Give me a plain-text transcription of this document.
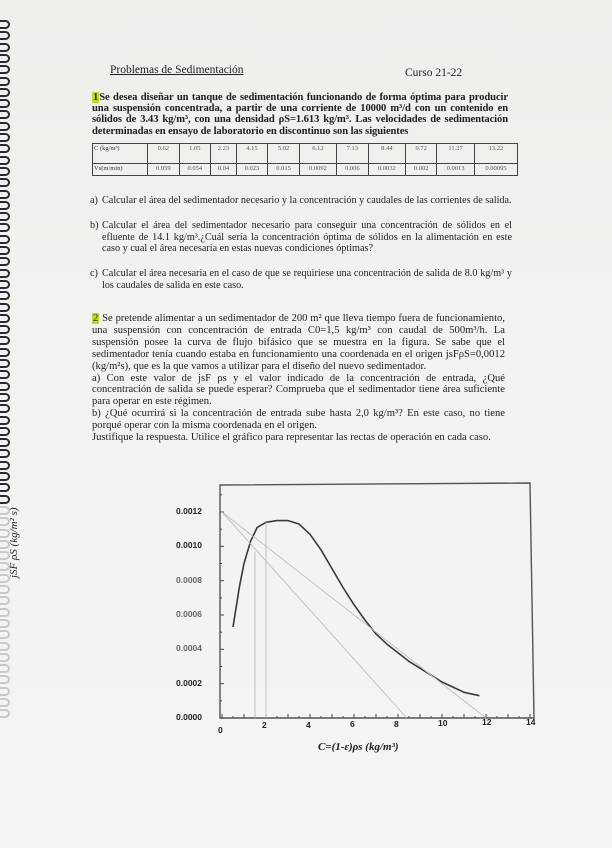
Problemas de Sedimentación	Curso 21-22
1Se desea diseñar un tanque de sedimentación funcionando de forma óptima para producir una suspensión concentrada, a partir de una corriente de 10000 m³/d con un contenido en sólidos de 3.43 kg/m³, con una densidad ρS=1.613 kg/m³. Las velocidades de sedimentación determinadas en ensayo de laboratorio en discontinuo son las siguientes
C (kg/m³)	0.62	1.05	2.23	4.15	5.02	6.12	7.13	8.44	9.72	11.27	13.22
Vs(m/min)	0.059	0.054	0.04	0.023	0.015	0.0092	0.006	0.0032	0.002	0.0013	0.00095
a) Calcular el área del sedimentador necesario y la concentración y caudales de las corrientes de salida.
b) Calcular el área del sedimentador necesario para conseguir una concentración de sólidos en el efluente de 14.1 kg/m³.¿Cuál sería la concentración óptima de sólidos en la alimentación en este caso y cual el área necesaria en estas nuevas condiciones óptimas?
c) Calcular el área necesaria en el caso de que se requiriese una concentración de salida de 8.0 kg/m³ y los caudales de salida en este caso.
2 Se pretende alimentar a un sedimentador de 200 m² que lleva tiempo fuera de funcionamiento, una suspensión con concentración de entrada C0=1,5 kg/m³ con caudal de 500m³/h. La suspensión posee la curva de flujo bifásico que se muestra en la figura. Se sabe que el sedimentador tenía cuando estaba en funcionamiento una coordenada en el origen jsFρS=0,0012 (kg/m²s), que es la que vamos a utilizar para el diseño del nuevo sedimentador.
a) Con este valor de jsF ρs y el valor indicado de la concentración de entrada, ¿Qué concentración de salida se puede esperar? Comprueba que el sedimentador tiene área suficiente para operar en este régimen.
b) ¿Qué ocurrirá si la concentración de entrada sube hasta 2,0 kg/m³? En este caso, no tiene porqué operar con la misma coordenada en el origen.
Justifique la respuesta. Utilice el gráfico para representar las rectas de operación en cada caso.
0.0000
0.0002
0.0004
0.0006
0.0008
0.0010
0.0012
0	2	4	6	8	10	12	14
jSF ρS (kg/m² s)
C=(1-ε)ρs (kg/m³)
